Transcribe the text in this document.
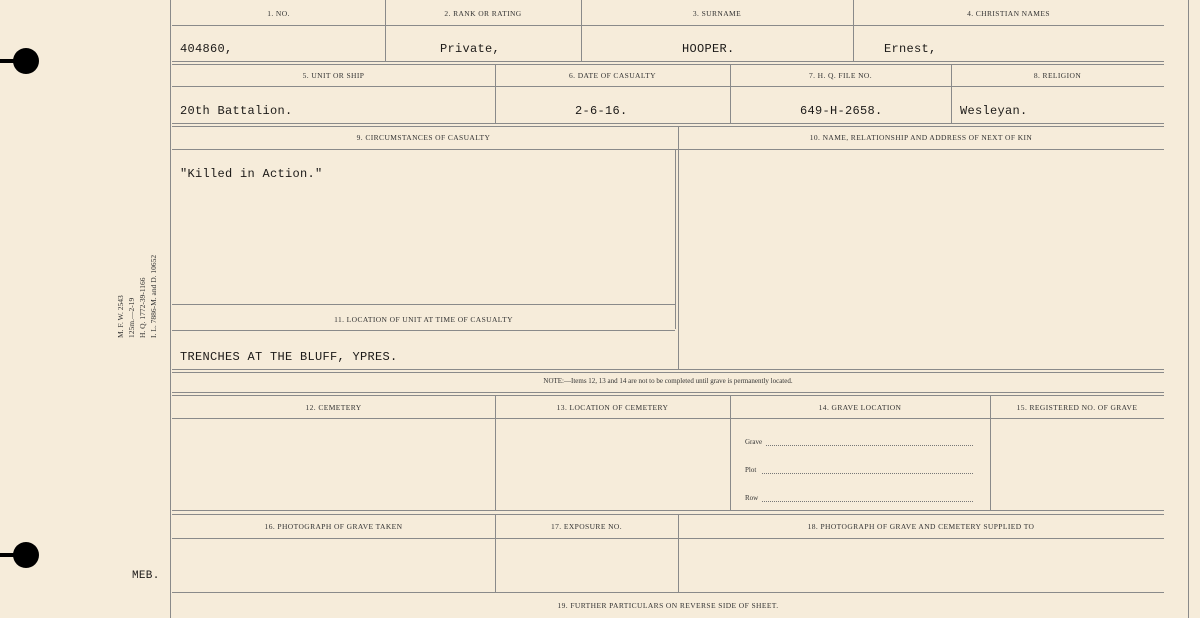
M. F. W. 2543 125m.—2-19 H. Q. 1772-39-1166 I. L. 7886-M. and D. 10652
MEB.
1. NO.	2. RANK OR RATING	3. SURNAME	4. CHRISTIAN NAMES
404860,	Private,	HOOPER.	Ernest,
5. UNIT OR SHIP	6. DATE OF CASUALTY	7. H. Q. FILE NO.	8. RELIGION
20th Battalion.	2-6-16.	649-H-2658.	Wesleyan.
9. CIRCUMSTANCES OF CASUALTY	10. NAME, RELATIONSHIP AND ADDRESS OF NEXT OF KIN
"Killed in Action."
11. LOCATION OF UNIT AT TIME OF CASUALTY
TRENCHES AT THE BLUFF, YPRES.
NOTE:—Items 12, 13 and 14 are not to be completed until grave is permanently located.
12. CEMETERY	13. LOCATION OF CEMETERY	14. GRAVE LOCATION	15. REGISTERED NO. OF GRAVE
Grave
Plot
Row
16. PHOTOGRAPH OF GRAVE TAKEN	17. EXPOSURE NO.	18. PHOTOGRAPH OF GRAVE AND CEMETERY SUPPLIED TO
19. FURTHER PARTICULARS ON REVERSE SIDE OF SHEET.
